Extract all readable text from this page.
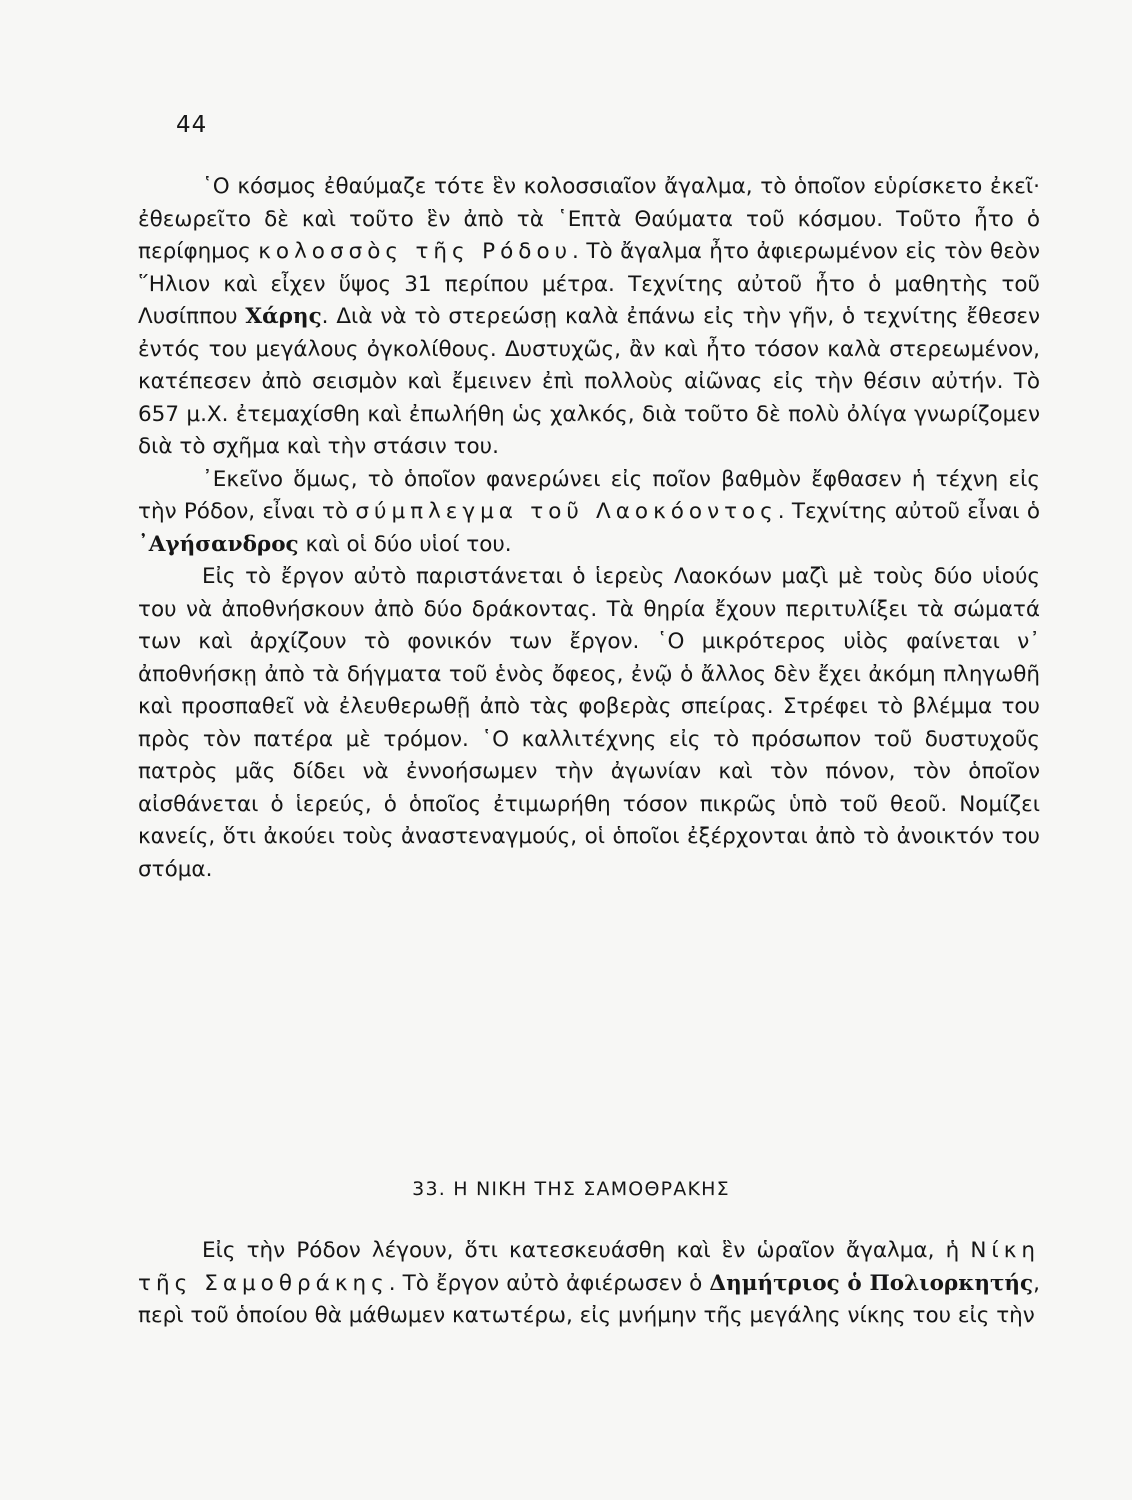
44

῾Ο κόσμος ἐθαύμαζε τότε ἓν κολοσσιαῖον ἄγαλμα, τὸ ὁποῖον εὑρίσκετο ἐκεῖ· ἐθεωρεῖτο δὲ καὶ τοῦτο ἓν ἀπὸ τὰ ῾Επτὰ Θαύματα τοῦ κόσμου. Τοῦτο ἦτο ὁ περίφημος κολοσσὸς τῆς Ρόδου. Τὸ ἄγαλμα ἦτο ἀφιερωμένον εἰς τὸν θεὸν ῞Ηλιον καὶ εἶχεν ὕψος 31 περίπου μέτρα. Τεχνίτης αὐτοῦ ἦτο ὁ μαθητὴς τοῦ Λυσίππου Χάρης. Διὰ νὰ τὸ στερεώσῃ καλὰ ἐπάνω εἰς τὴν γῆν, ὁ τεχνίτης ἔθεσεν ἐντός του μεγάλους ὀγκολίθους. Δυστυχῶς, ἂν καὶ ἦτο τόσον καλὰ στερεωμένον, κατέπεσεν ἀπὸ σεισμὸν καὶ ἔμεινεν ἐπὶ πολλοὺς αἰῶνας εἰς τὴν θέσιν αὐτήν. Τὸ 657 μ.Χ. ἐτεμαχίσθη καὶ ἐπωλήθη ὡς χαλκός, διὰ τοῦτο δὲ πολὺ ὀλίγα γνωρίζομεν διὰ τὸ σχῆμα καὶ τὴν στάσιν του.

᾿Εκεῖνο ὅμως, τὸ ὁποῖον φανερώνει εἰς ποῖον βαθμὸν ἔφθασεν ἡ τέχνη εἰς τὴν Ρόδον, εἶναι τὸ σύμπλεγμα τοῦ Λαοκόοντος. Τεχνίτης αὐτοῦ εἶναι ὁ ᾿Αγήσανδρος καὶ οἱ δύο υἱοί του.

Εἰς τὸ ἔργον αὐτὸ παριστάνεται ὁ ἱερεὺς Λαοκόων μαζὶ μὲ τοὺς δύο υἱούς του νὰ ἀποθνήσκουν ἀπὸ δύο δράκοντας. Τὰ θηρία ἔχουν περιτυλίξει τὰ σώματά των καὶ ἀρχίζουν τὸ φονικόν των ἔργον. ῾Ο μικρότερος υἱὸς φαίνεται ν᾿ ἀποθνήσκῃ ἀπὸ τὰ δήγματα τοῦ ἑνὸς ὄφεος, ἐνῷ ὁ ἄλλος δὲν ἔχει ἀκόμη πληγωθῆ καὶ προσπαθεῖ νὰ ἐλευθερωθῇ ἀπὸ τὰς φοβερὰς σπείρας. Στρέφει τὸ βλέμμα του πρὸς τὸν πατέρα μὲ τρόμον. ῾Ο καλλιτέχνης εἰς τὸ πρόσωπον τοῦ δυστυχοῦς πατρὸς μᾶς δίδει νὰ ἐννοήσωμεν τὴν ἀγωνίαν καὶ τὸν πόνον, τὸν ὁποῖον αἰσθάνεται ὁ ἱερεύς, ὁ ὁποῖος ἐτιμωρήθη τόσον πικρῶς ὑπὸ τοῦ θεοῦ. Νομίζει κανείς, ὅτι ἀκούει τοὺς ἀναστεναγμούς, οἱ ὁποῖοι ἐξέρχονται ἀπὸ τὸ ἀνοικτόν του στόμα.

33. Η ΝΙΚΗ ΤΗΣ ΣΑΜΟΘΡΑΚΗΣ

Εἰς τὴν Ρόδον λέγουν, ὅτι κατεσκευάσθη καὶ ἓν ὡραῖον ἄγαλμα, ἡ Νίκη τῆς Σαμοθράκης. Τὸ ἔργον αὐτὸ ἀφιέρωσεν ὁ Δημήτριος ὁ Πολιορκητής, περὶ τοῦ ὁποίου θὰ μάθωμεν κατωτέρω, εἰς μνήμην τῆς μεγάλης νίκης του εἰς τὴν
